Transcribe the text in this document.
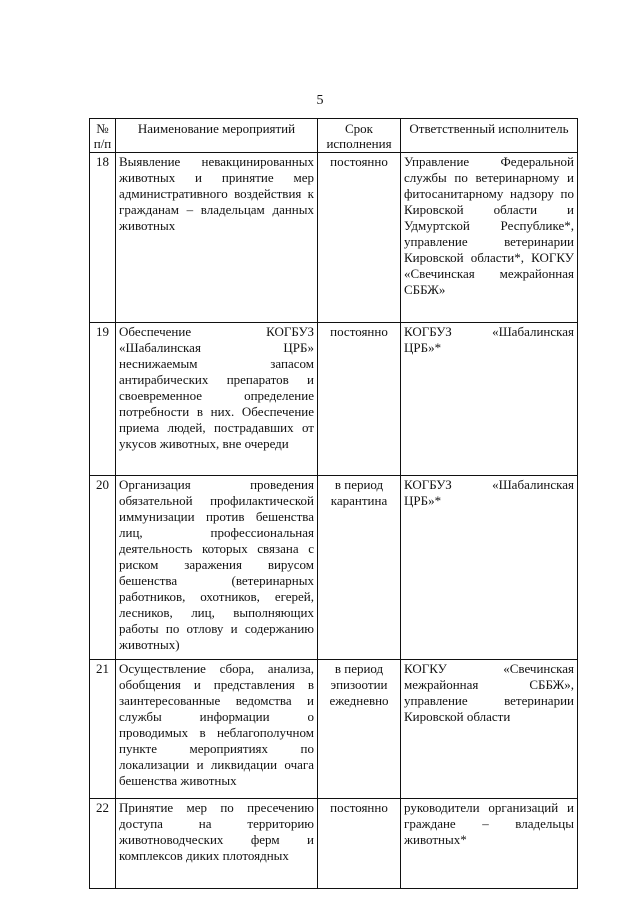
5
№ п/п	Наименование мероприятий	Срок исполнения	Ответственный исполнитель
18	Выявление невакцинированных животных и принятие мер административного воздействия к гражданам – владельцам данных животных	постоянно	Управление Федеральной службы по ветеринарному и фитосанитарному надзору по Кировской области и Удмуртской Республике*, управление ветеринарии Кировской области*, КОГКУ «Свечинская межрайонная СББЖ»
19	Обеспечение КОГБУЗ «Шабалинская ЦРБ» неснижаемым запасом антирабических препаратов и своевременное определение потребности в них. Обеспечение приема людей, пострадавших от укусов животных, вне очереди	постоянно	КОГБУЗ «Шабалинская ЦРБ»*
20	Организация проведения обязательной профилактической иммунизации против бешенства лиц, профессиональная деятельность которых связана с риском заражения вирусом бешенства (ветеринарных работников, охотников, егерей, лесников, лиц, выполняющих работы по отлову и содержанию животных)	в период карантина	КОГБУЗ «Шабалинская ЦРБ»*
21	Осуществление сбора, анализа, обобщения и представления в заинтересованные ведомства и службы информации о проводимых в неблагополучном пункте мероприятиях по локализации и ликвидации очага бешенства животных	в период эпизоотии ежедневно	КОГКУ «Свечинская межрайонная СББЖ», управление ветеринарии Кировской области
22	Принятие мер по пресечению доступа на территорию животноводческих ферм и комплексов диких плотоядных	постоянно	руководители организаций и граждане – владельцы животных*
